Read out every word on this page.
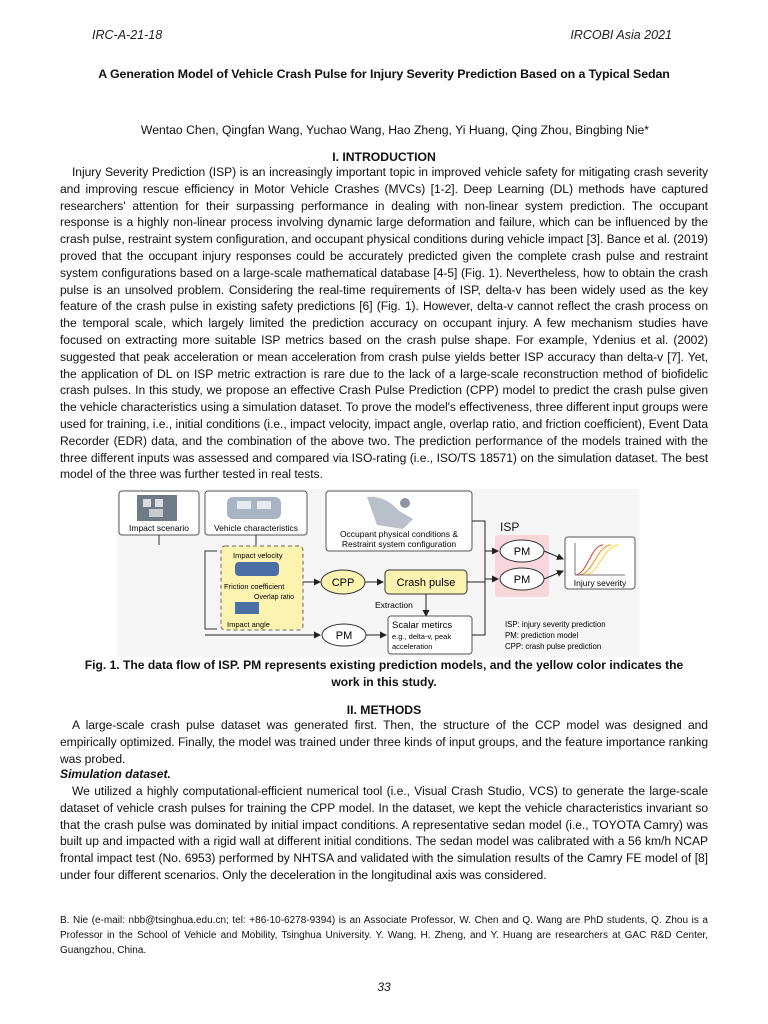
IRC-A-21-18	IRCOBI Asia 2021
A Generation Model of Vehicle Crash Pulse for Injury Severity Prediction Based on a Typical Sedan
Wentao Chen, Qingfan Wang, Yuchao Wang, Hao Zheng, Yi Huang, Qing Zhou, Bingbing Nie*
I. INTRODUCTION

Injury Severity Prediction (ISP) is an increasingly important topic in improved vehicle safety for mitigating crash severity and improving rescue efficiency in Motor Vehicle Crashes (MVCs) [1-2]. Deep Learning (DL) methods have captured researchers' attention for their surpassing performance in dealing with non-linear system prediction. The occupant response is a highly non-linear process involving dynamic large deformation and failure, which can be influenced by the crash pulse, restraint system configuration, and occupant physical conditions during vehicle impact [3]. Bance et al. (2019) proved that the occupant injury responses could be accurately predicted given the complete crash pulse and restraint system configurations based on a large-scale mathematical database [4-5] (Fig. 1). Nevertheless, how to obtain the crash pulse is an unsolved problem. Considering the real-time requirements of ISP, delta-v has been widely used as the key feature of the crash pulse in existing safety predictions [6] (Fig. 1). However, delta-v cannot reflect the crash process on the temporal scale, which largely limited the prediction accuracy on occupant injury. A few mechanism studies have focused on extracting more suitable ISP metrics based on the crash pulse shape. For example, Ydenius et al. (2002) suggested that peak acceleration or mean acceleration from crash pulse yields better ISP accuracy than delta-v [7]. Yet, the application of DL on ISP metric extraction is rare due to the lack of a large-scale reconstruction method of biofidelic crash pulses. In this study, we propose an effective Crash Pulse Prediction (CPP) model to predict the crash pulse given the vehicle characteristics using a simulation dataset. To prove the model's effectiveness, three different input groups were used for training, i.e., initial conditions (i.e., impact velocity, impact angle, overlap ratio, and friction coefficient), Event Data Recorder (EDR) data, and the combination of the above two. The prediction performance of the models trained with the three different inputs was assessed and compared via ISO-rating (i.e., ISO/TS 18571) on the simulation dataset. The best model of the three was further tested in real tests.

ISP
Impact scenario	Vehicle characteristics
Occupant physical conditions &
Restraint system configuration
Impact velocity
Friction coefficient
Overlap ratio
Impact angle
CPP	Crash pulse
Extraction
Scalar metircs
e.g., delta-v, peak
acceleration
PM
PM
PM	Injury severity
ISP: injury severity prediction
PM: prediction model
CPP: crash pulse prediction
Fig. 1. The data flow of ISP. PM represents existing prediction models, and the yellow color indicates the
work in this study.
II. METHODS

A large-scale crash pulse dataset was generated first. Then, the structure of the CCP model was designed and empirically optimized. Finally, the model was trained under three kinds of input groups, and the feature importance ranking was probed.

Simulation dataset.

We utilized a highly computational-efficient numerical tool (i.e., Visual Crash Studio, VCS) to generate the large-scale dataset of vehicle crash pulses for training the CPP model. In the dataset, we kept the vehicle characteristics invariant so that the crash pulse was dominated by initial impact conditions. A representative sedan model (i.e., TOYOTA Camry) was built up and impacted with a rigid wall at different initial conditions. The sedan model was calibrated with a 56 km/h NCAP frontal impact test (No. 6953) performed by NHTSA and validated with the simulation results of the Camry FE model of [8] under four different scenarios. Only the deceleration in the longitudinal axis was considered.

B. Nie (e-mail: nbb@tsinghua.edu.cn; tel: +86-10-6278-9394) is an Associate Professor, W. Chen and Q. Wang are PhD students, Q. Zhou is a Professor in the School of Vehicle and Mobility, Tsinghua University. Y. Wang, H. Zheng, and Y. Huang are researchers at GAC R&D Center, Guangzhou, China.
33
